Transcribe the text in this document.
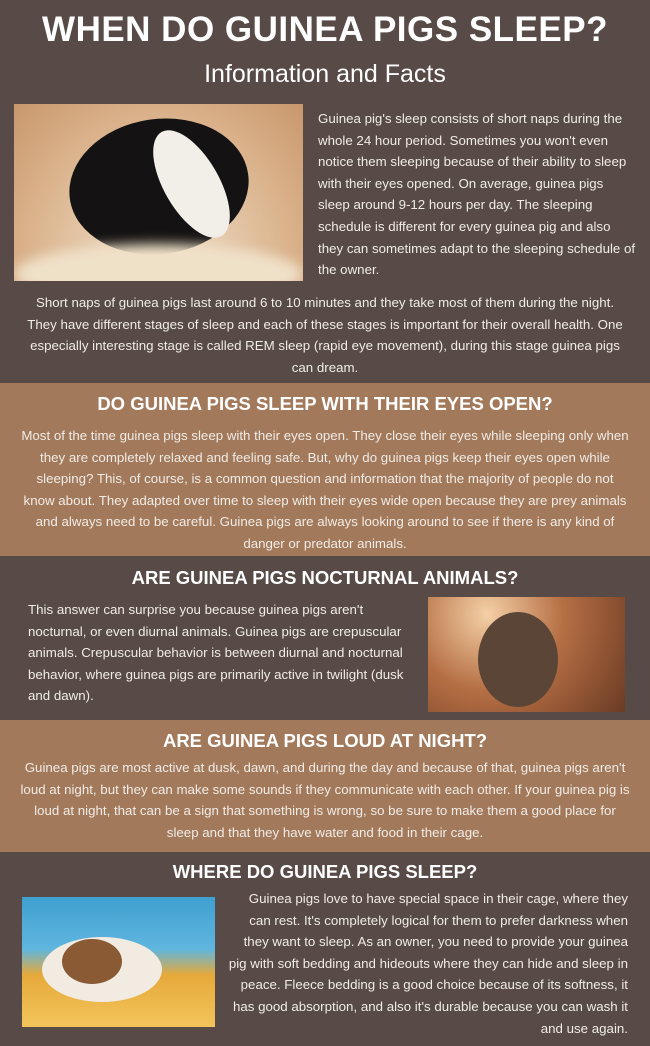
WHEN DO GUINEA PIGS SLEEP?
Information and Facts
Guinea pig's sleep consists of short naps during the whole 24 hour period. Sometimes you won't even notice them sleeping because of their ability to sleep with their eyes opened. On average, guinea pigs sleep around 9-12 hours per day. The sleeping schedule is different for every guinea pig and also they can sometimes adapt to the sleeping schedule of the owner.
Short naps of guinea pigs last around 6 to 10 minutes and they take most of them during the night. They have different stages of sleep and each of these stages is important for their overall health. One especially interesting stage is called REM sleep (rapid eye movement), during this stage guinea pigs can dream.
DO GUINEA PIGS SLEEP WITH THEIR EYES OPEN?
Most of the time guinea pigs sleep with their eyes open. They close their eyes while sleeping only when they are completely relaxed and feeling safe. But, why do guinea pigs keep their eyes open while sleeping? This, of course, is a common question and information that the majority of people do not know about. They adapted over time to sleep with their eyes wide open because they are prey animals and always need to be careful. Guinea pigs are always looking around to see if there is any kind of danger or predator animals.
ARE GUINEA PIGS NOCTURNAL ANIMALS?
This answer can surprise you because guinea pigs aren't nocturnal, or even diurnal animals. Guinea pigs are crepuscular animals. Crepuscular behavior is between diurnal and nocturnal behavior, where guinea pigs are primarily active in twilight (dusk and dawn).
ARE GUINEA PIGS LOUD AT NIGHT?
Guinea pigs are most active at dusk, dawn, and during the day and because of that, guinea pigs aren't loud at night, but they can make some sounds if they communicate with each other. If your guinea pig is loud at night, that can be a sign that something is wrong, so be sure to make them a good place for sleep and that they have water and food in their cage.
WHERE DO GUINEA PIGS SLEEP?
Guinea pigs love to have special space in their cage, where they can rest. It's completely logical for them to prefer darkness when they want to sleep. As an owner, you need to provide your guinea pig with soft bedding and hideouts where they can hide and sleep in peace. Fleece bedding is a good choice because of its softness, it has good absorption, and also it's durable because you can wash it and use again.
